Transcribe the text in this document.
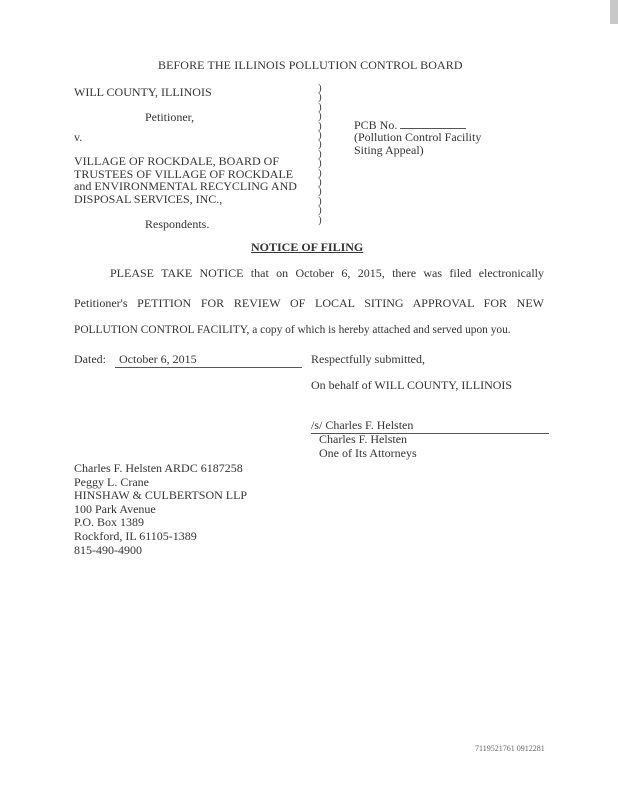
BEFORE THE ILLINOIS POLLUTION CONTROL BOARD
WILL COUNTY, ILLINOIS
Petitioner,
v.
VILLAGE OF ROCKDALE, BOARD OF
TRUSTEES OF VILLAGE OF ROCKDALE
and ENVIRONMENTAL RECYCLING AND
DISPOSAL SERVICES, INC.,
Respondents.
)
)
)
)
)
)
)
)
)
)
)
)
)
)
)
PCB No.
(Pollution Control Facility
Siting Appeal)
NOTICE OF FILING
PLEASE TAKE NOTICE that on October 6, 2015, there was filed electronically
Petitioner's PETITION FOR REVIEW OF LOCAL SITING APPROVAL FOR NEW
POLLUTION CONTROL FACILITY, a copy of which is hereby attached and served upon you.
Dated:	October 6, 2015	Respectfully submitted,
On behalf of WILL COUNTY, ILLINOIS
/s/ Charles F. Helsten
Charles F. Helsten
One of Its Attorneys
Charles F. Helsten ARDC 6187258
Peggy L. Crane
HINSHAW & CULBERTSON LLP
100 Park Avenue
P.O. Box 1389
Rockford, IL 61105-1389
815-490-4900
7119521761 0912281
